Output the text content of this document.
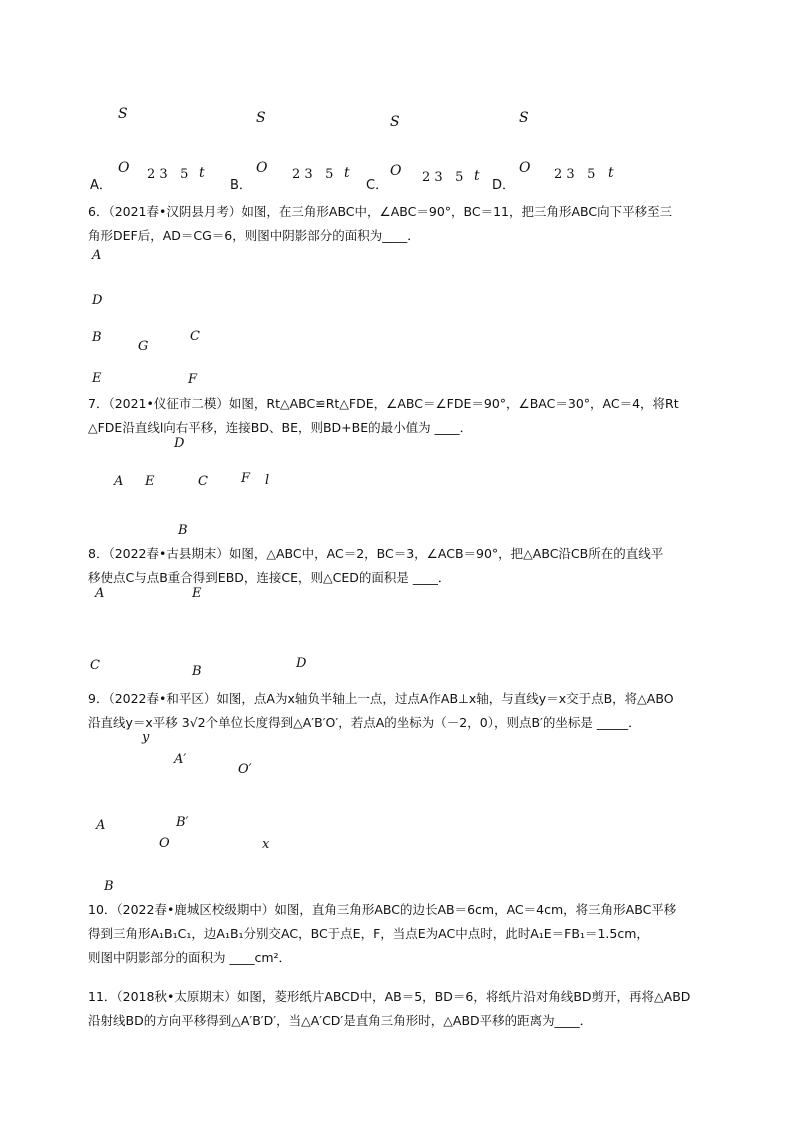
A．
S
O 2 3   5 t
B．
S
O 2 3   5 t
C．
S
O 2 3   5 t
D．
S
O 2 3   5 t
6．（2021春•汉阴县月考）如图，在三角形ABC中，∠ABC＝90°，BC＝11，把三角形ABC向下平移至三
角形DEF后，AD＝CG＝6，则图中阴影部分的面积为____．
A
D
B
E
C
G
F
7．（2021•仪征市二模）如图，Rt△ABC≌Rt△FDE，∠ABC＝∠FDE＝90°，∠BAC＝30°，AC＝4，将Rt
△FDE沿直线l向右平移，连接BD、BE，则BD+BE的最小值为 ____．
A E	C	F l
D
B
8．（2022春•古县期末）如图，△ABC中，AC＝2，BC＝3，∠ACB＝90°，把△ABC沿CB所在的直线平
移使点C与点B重合得到EBD，连接CE，则△CED的面积是 ____．
A	E
C	B
D
9．（2022春•和平区）如图，点A为x轴负半轴上一点，过点A作AB⊥x轴，与直线y＝x交于点B，将△ABO
沿直线y＝x平移 3√2个单位长度得到△A′B′O′，若点A的坐标为（－2，0），则点B′的坐标是 _____．
y
x
O
A
B
A′
B′
O′
10．（2022春•鹿城区校级期中）如图，直角三角形ABC的边长AB＝6cm，AC＝4cm，将三角形ABC平移
得到三角形A₁B₁C₁，边A₁B₁分别交AC，BC于点E，F，当点E为AC中点时，此时A₁E＝FB₁＝1.5cm，
则图中阴影部分的面积为 ____cm²．
11．（2018秋•太原期末）如图，菱形纸片ABCD中，AB＝5，BD＝6，将纸片沿对角线BD剪开，再将△ABD
沿射线BD的方向平移得到△A′B′D′，当△A′CD′是直角三角形时，△ABD平移的距离为____．
